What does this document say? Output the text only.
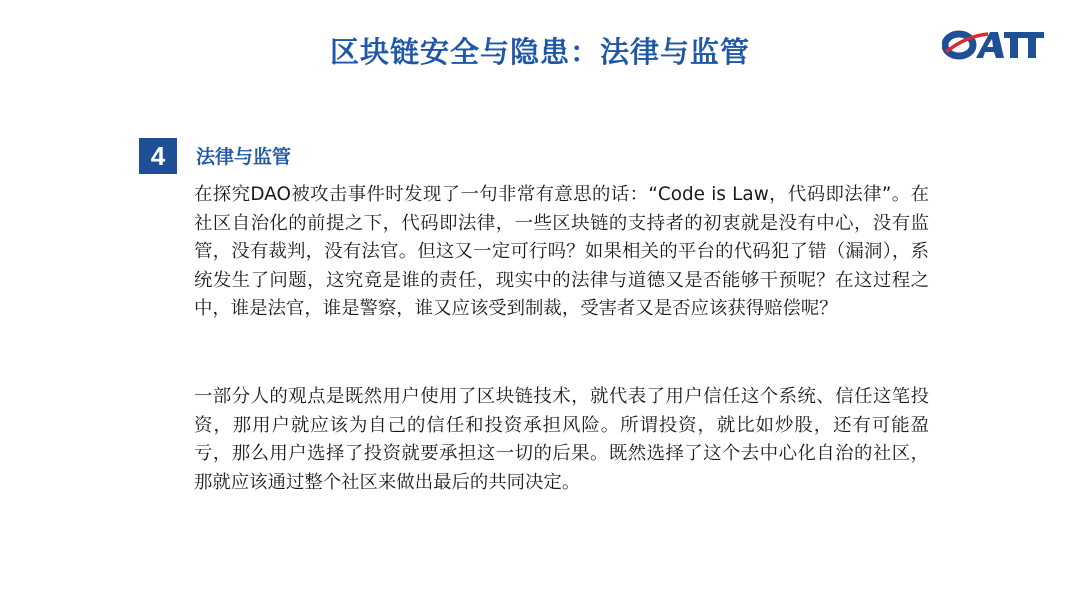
区块链安全与隐患：法律与监管
OAII
4	法律与监管

在探究DAO被攻击事件时发现了一句非常有意思的话：“Code is Law，代码即法律”。在社区自治化的前提之下，代码即法律，一些区块链的支持者的初衷就是没有中心，没有监管，没有裁判，没有法官。但这又一定可行吗？如果相关的平台的代码犯了错（漏洞），系统发生了问题，这究竟是谁的责任，现实中的法律与道德又是否能够干预呢？在这过程之中，谁是法官，谁是警察，谁又应该受到制裁，受害者又是否应该获得赔偿呢？

一部分人的观点是既然用户使用了区块链技术，就代表了用户信任这个系统、信任这笔投资，那用户就应该为自己的信任和投资承担风险。所谓投资，就比如炒股，还有可能盈亏，那么用户选择了投资就要承担这一切的后果。既然选择了这个去中心化自治的社区，那就应该通过整个社区来做出最后的共同决定。
